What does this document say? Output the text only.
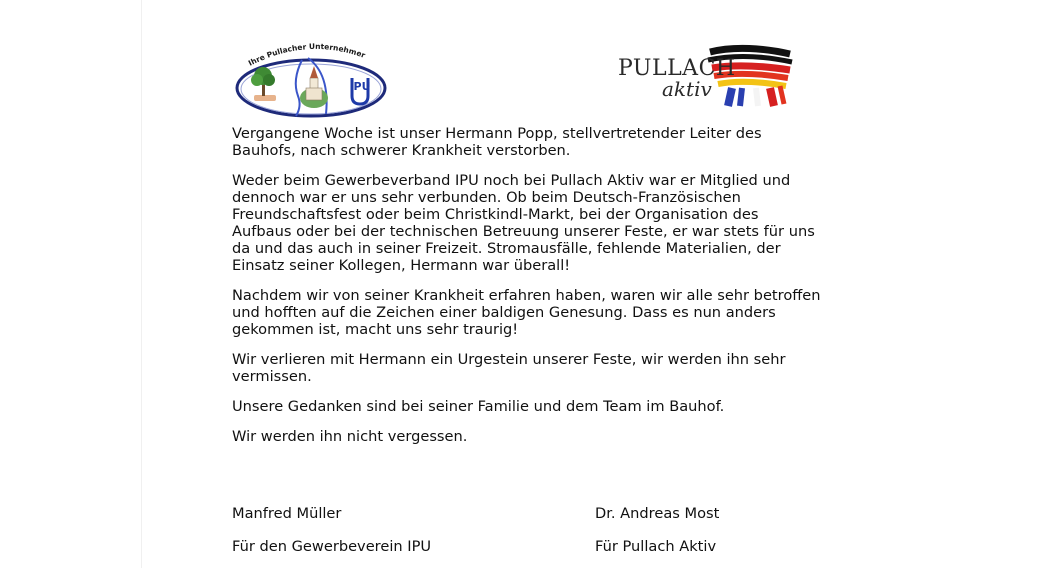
IPU
Ihre Pullacher Unternehmer
PULLACH
aktiv

Vergangene Woche ist unser Hermann Popp, stellvertretender Leiter des Bauhofs, nach schwerer Krankheit verstorben.

Weder beim Gewerbeverband IPU noch bei Pullach Aktiv war er Mitglied und dennoch war er uns sehr verbunden. Ob beim Deutsch-Französischen Freundschaftsfest oder beim Christkindl-Markt, bei der Organisation des Aufbaus oder bei der technischen Betreuung unserer Feste, er war stets für uns da und das auch in seiner Freizeit. Stromausfälle, fehlende Materialien, der Einsatz seiner Kollegen, Hermann war überall!

Nachdem wir von seiner Krankheit erfahren haben, waren wir alle sehr betroffen und hofften auf die Zeichen einer baldigen Genesung. Dass es nun anders gekommen ist, macht uns sehr traurig!

Wir verlieren mit Hermann ein Urgestein unserer Feste, wir werden ihn sehr vermissen.

Unsere Gedanken sind bei seiner Familie und dem Team im Bauhof.

Wir werden ihn nicht vergessen.

Manfred Müller
Für den Gewerbeverein IPU
Dr. Andreas Most
Für Pullach Aktiv
